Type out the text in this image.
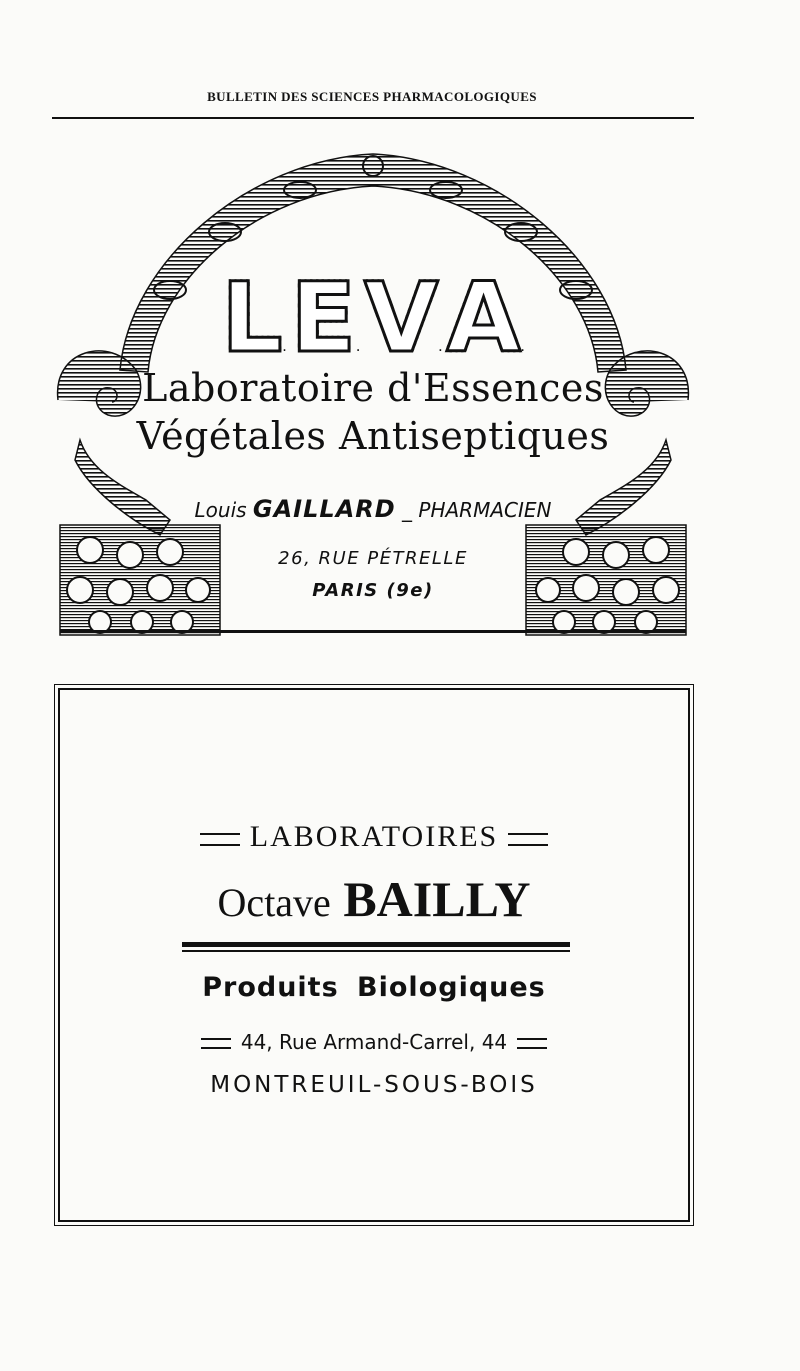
BULLETIN DES SCIENCES PHARMACOLOGIQUES
L. E. V. A.
Laboratoire d'Essences
Végétales Antiseptiques
Louis GAILLARD _ PHARMACIEN
26, RUE PÉTRELLE
PARIS (9e)
LABORATOIRES
Octave BAILLY
Produits Biologiques
44, Rue Armand-Carrel, 44
MONTREUIL-SOUS-BOIS
